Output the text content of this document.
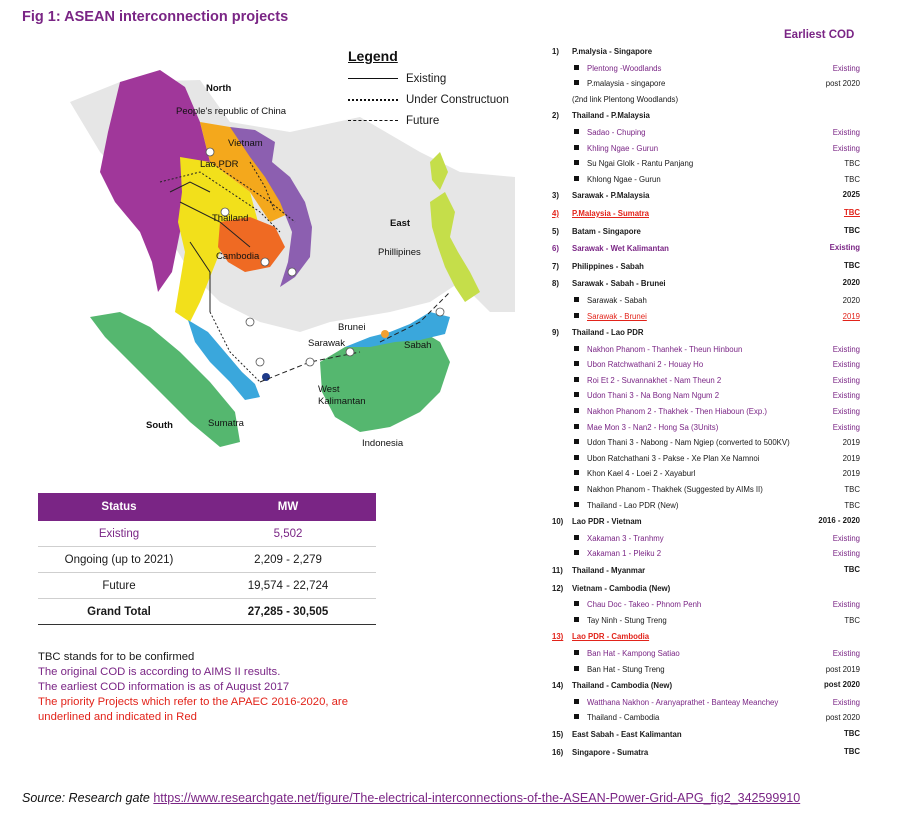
Fig 1: ASEAN interconnection projects
North
People's republic of China
Vietnam
Lao PDR
Thailand
Cambodia
East
Phillipines
Brunei
Sarawak	Sabah
West Kalimantan
South	Sumatra
Indonesia
Legend
Existing
Under Constructuon
Future
Status	MW
Existing	5,502
Ongoing (up to 2021)	2,209 - 2,279
Future	19,574 - 22,724
Grand Total	27,285 - 30,505
TBC stands for to be confirmed
The original COD is according to AIMS II results.
The earliest COD information is as of August 2017
The priority Projects which refer to the APAEC 2016-2020, are underlined and indicated in Red
Earliest COD
1)	P.malysia - Singapore
Plentong -Woodlands	Existing
P.malaysia - singapore	post 2020
(2nd link Plentong Woodlands)
2)	Thailand - P.Malaysia
Sadao - Chuping	Existing
Khling Ngae - Gurun	Existing
Su Ngai Glolk - Rantu Panjang	TBC
Khlong Ngae - Gurun	TBC
3)	Sarawak - P.Malaysia	2025
4)	P.Malaysia - Sumatra	TBC
5)	Batam - Singapore	TBC
6)	Sarawak - Wet Kalimantan	Existing
7)	Philippines - Sabah	TBC
8)	Sarawak - Sabah - Brunei	2020
Sarawak - Sabah	2020
Sarawak - Brunei	2019
9)	Thailand - Lao PDR
Nakhon Phanom - Thanhek - Theun Hinboun	Existing
Ubon Ratchwathani 2 - Houay Ho	Existing
Roi Et 2 - Suvannakhet - Nam Theun 2	Existing
Udon Thani 3 - Na Bong Nam Ngum 2	Existing
Nakhon Phanom 2 - Thakhek - Then Hiaboun (Exp.)	Existing
Mae Mon 3 - Nan2 - Hong Sa (3Units)	Existing
Udon Thani 3 - Nabong - Nam Ngiep (converted to 500KV)	2019
Ubon Ratchathani 3 - Pakse - Xe Plan Xe Namnoi	2019
Khon Kael 4 - Loei 2 - Xayaburl	2019
Nakhon Phanom - Thakhek (Suggested by AIMs II)	TBC
Thailand - Lao PDR (New)	TBC
10)	Lao PDR - Vietnam	2016 - 2020
Xakaman 3 - Tranhmy	Existing
Xakaman 1 - Pleiku 2	Existing
11)	Thailand - Myanmar	TBC
12)	Vietnam - Cambodia (New)
Chau Doc - Takeo - Phnom Penh	Existing
Tay Ninh - Stung Treng	TBC
13)	Lao PDR - Cambodia
Ban Hat - Kampong Satiao	Existing
Ban Hat - Stung Treng	post 2019
14)	Thailand - Cambodia (New)	post 2020
Watthana Nakhon - Aranyaprathet - Banteay Meanchey	Existing
Thailand - Cambodia	post 2020
15)	East Sabah - East Kalimantan	TBC
16)	Singapore - Sumatra	TBC
Source: Research gate https://www.researchgate.net/figure/The-electrical-interconnections-of-the-ASEAN-Power-Grid-APG_fig2_342599910
